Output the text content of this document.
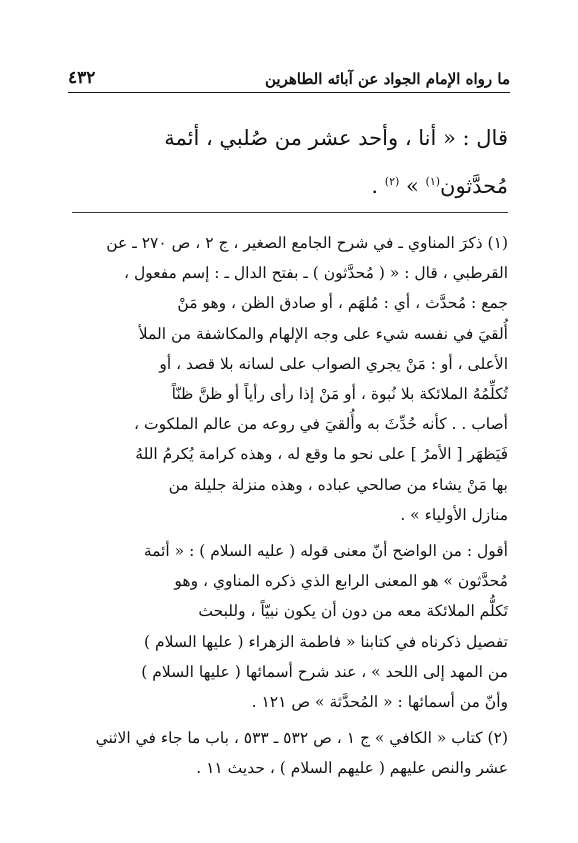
ما رواه الإمام الجواد عن آبائه الطاهرين
٤٣٢
قال : « أنا ، وأحد عشر من صُلبي ، أئمة
مُحدَّثون$^{(١)}$ » $^{(٢)}$ .

(١) ذكرَ المناوي ـ في شرح الجامع الصغير ، ج ٢ ، ص ٢٧٠ ـ عن

القرطبي ، قال : « ( مُحدَّثون ) ـ بفتح الدال ـ : إسم مفعول ،

جمع : مُحدَّث ، أي : مُلهَم ، أو صادق الظن ، وهو مَنْ

أُلقيَ في نفسه شيء على وجه الإلهام والمكاشفة من الملأ

الأعلى ، أو : مَنْ يجري الصواب على لسانه بلا قصد ، أو

تُكلِّمُهُ الملائكة بلا نُبوة ، أو مَنْ إذا رأى رأياً أو ظنَّ ظنّاً

أصاب . . كأنه حُدِّثَ به وأُلقيَ في روعه من عالم الملكوت ،

فَيَظهَر [ الأمرُ ] على نحو ما وقع له ، وهذه كرامة يُكرمُ اللهُ

بها مَنْ يشاء من صالحي عباده ، وهذه منزلة جليلة من

منازل الأولياء » .

أقول : من الواضح أنّ معنى قوله ( عليه السلام ) : « أئمة

مُحدَّثون » هو المعنى الرابع الذي ذكره المناوي ، وهو

تَكلُّم الملائكة معه من دون أن يكون نبيّاً ، وللبحث

تفصيل ذكرناه في كتابنا « فاطمة الزهراء ( عليها السلام )

من المهد إلى اللحد » ، عند شرح أسمائها ( عليها السلام )

وأنّ من أسمائها : « المُحدَّثة » ص ١٢١ .

(٢) كتاب « الكافي » ج ١ ، ص ٥٣٢ ـ ٥٣٣ ، باب ما جاء في الاثني

عشر والنص عليهم ( عليهم السلام ) ، حديث ١١ .
